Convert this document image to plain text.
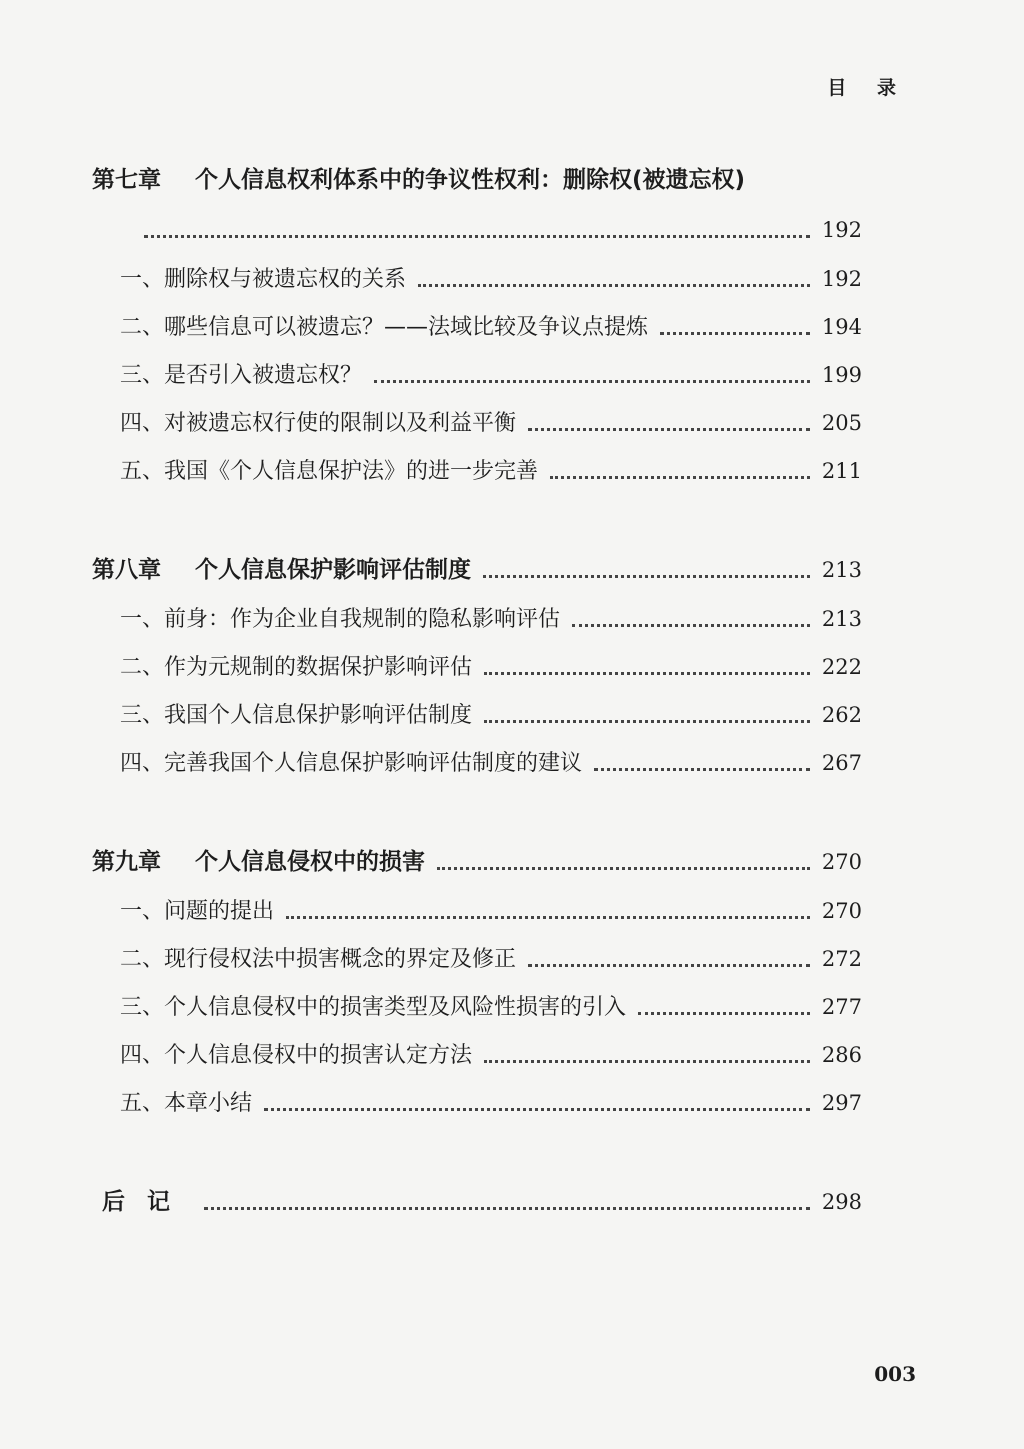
目 录
第七章	个人信息权利体系中的争议性权利：删除权(被遗忘权)
192
一、删除权与被遗忘权的关系	192
二、哪些信息可以被遗忘？——法域比较及争议点提炼	194
三、是否引入被遗忘权？	199
四、对被遗忘权行使的限制以及利益平衡	205
五、我国《个人信息保护法》的进一步完善	211
第八章	个人信息保护影响评估制度	213
一、前身：作为企业自我规制的隐私影响评估	213
二、作为元规制的数据保护影响评估	222
三、我国个人信息保护影响评估制度	262
四、完善我国个人信息保护影响评估制度的建议	267
第九章	个人信息侵权中的损害	270
一、问题的提出	270
二、现行侵权法中损害概念的界定及修正	272
三、个人信息侵权中的损害类型及风险性损害的引入	277
四、个人信息侵权中的损害认定方法	286
五、本章小结	297
后记	298
003
